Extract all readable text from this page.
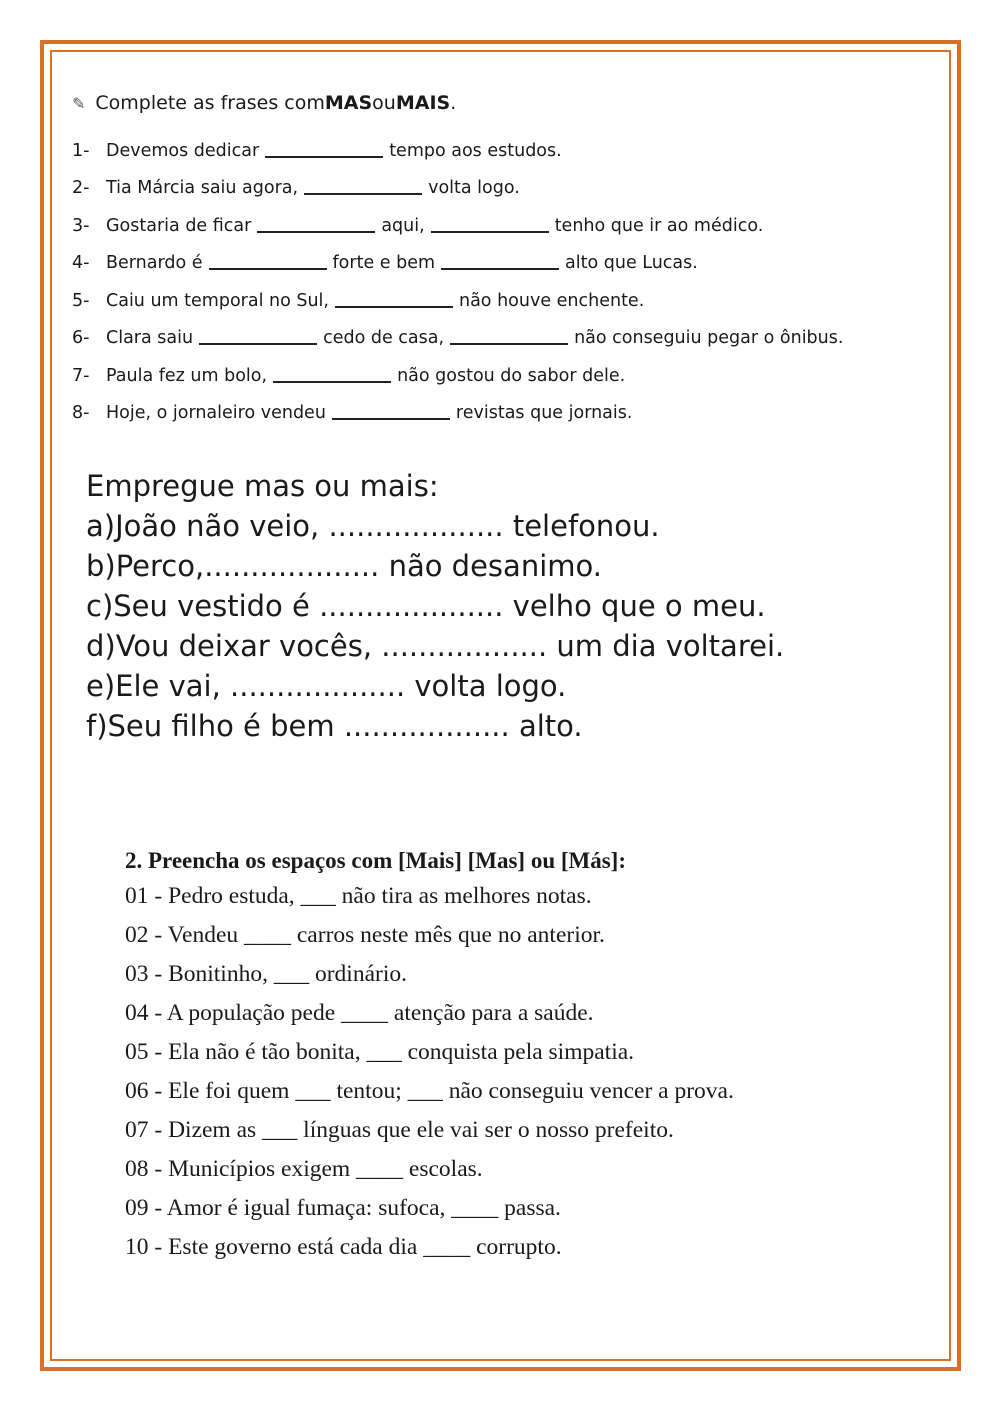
✎ Complete as frases com MAS ou MAIS .
1- Devemos dedicar	tempo aos estudos.
2- Tia Márcia saiu agora,	volta logo.
3- Gostaria de ficar	aqui,	tenho que ir ao médico.
4- Bernardo é	forte e bem	alto que Lucas.
5- Caiu um temporal no Sul,	não houve enchente.
6- Clara saiu	cedo de casa,	não conseguiu pegar o ônibus.
7- Paula fez um bolo,	não gostou do sabor dele.
8- Hoje, o jornaleiro vendeu	revistas que jornais.
Empregue mas ou mais:
a)João não veio, ................... telefonou.
b)Perco,................... não desanimo.
c)Seu vestido é .................... velho que o meu.
d)Vou deixar vocês, .................. um dia voltarei.
e)Ele vai, ................... volta logo.
f)Seu filho é bem .................. alto.
2. Preencha os espaços com [Mais] [Mas] ou [Más]:
01 - Pedro estuda, ___ não tira as melhores notas.
02 - Vendeu ____ carros neste mês que no anterior.
03 - Bonitinho, ___ ordinário.
04 - A população pede ____ atenção para a saúde.
05 - Ela não é tão bonita, ___ conquista pela simpatia.
06 - Ele foi quem ___ tentou; ___ não conseguiu vencer a prova.
07 - Dizem as ___ línguas que ele vai ser o nosso prefeito.
08 - Municípios exigem ____ escolas.
09 - Amor é igual fumaça: sufoca, ____ passa.
10 - Este governo está cada dia ____ corrupto.
